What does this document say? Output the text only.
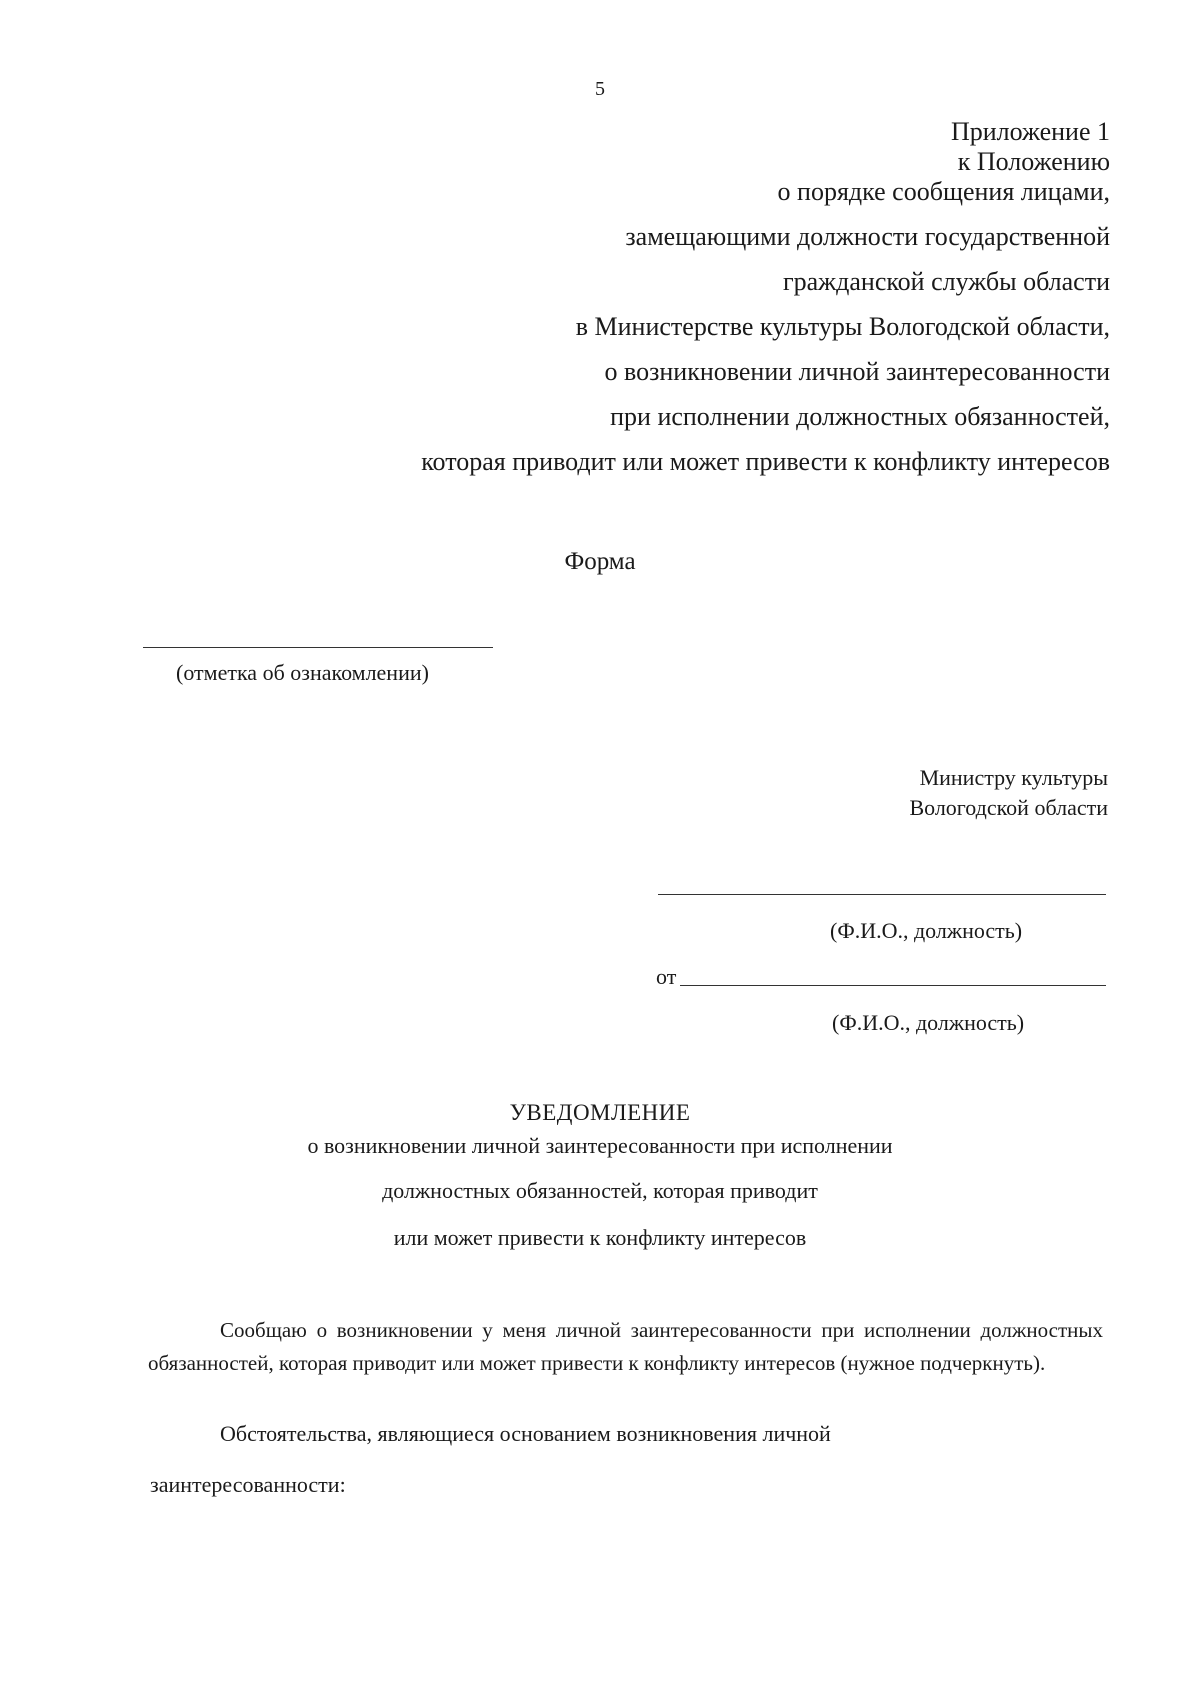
5
Приложение 1
к Положению
о порядке сообщения лицами,
замещающими должности государственной
гражданской службы области
в Министерстве культуры Вологодской области,
о возникновении личной заинтересованности
при исполнении должностных обязанностей,
которая приводит или может привести к конфликту интересов
Форма
(отметка об ознакомлении)
Министру культуры
Вологодской области
(Ф.И.О., должность)
от
(Ф.И.О., должность)
УВЕДОМЛЕНИЕ
о возникновении личной заинтересованности при исполнении
должностных обязанностей, которая приводит
или может привести к конфликту интересов
Сообщаю о возникновении у меня личной заинтересованности при исполнении должностных обязанностей, которая приводит или может привести к конфликту интересов (нужное подчеркнуть).
Обстоятельства, являющиеся основанием возникновения личной
заинтересованности:
